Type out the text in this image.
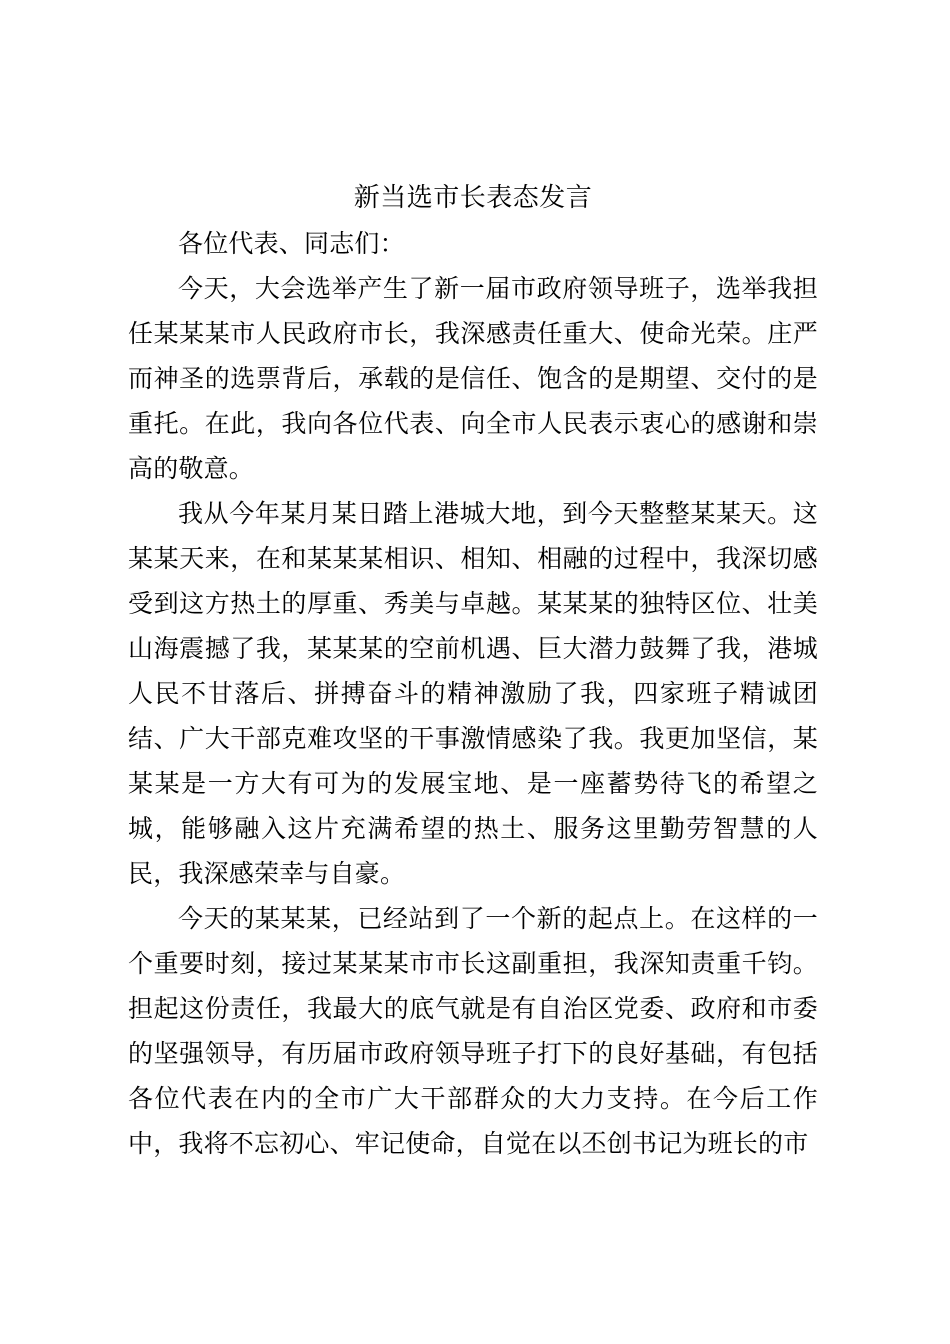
新当选市长表态发言

各位代表、同志们：

今天，大会选举产生了新一届市政府领导班子，选举我担任某某某市人民政府市长，我深感责任重大、使命光荣。庄严而神圣的选票背后，承载的是信任、饱含的是期望、交付的是重托。在此，我向各位代表、向全市人民表示衷心的感谢和崇高的敬意。

我从今年某月某日踏上港城大地，到今天整整某某天。这某某天来，在和某某某相识、相知、相融的过程中，我深切感受到这方热土的厚重、秀美与卓越。某某某的独特区位、壮美山海震撼了我，某某某的空前机遇、巨大潜力鼓舞了我，港城人民不甘落后、拼搏奋斗的精神激励了我，四家班子精诚团结、广大干部克难攻坚的干事激情感染了我。我更加坚信，某某某是一方大有可为的发展宝地、是一座蓄势待飞的希望之城，能够融入这片充满希望的热土、服务这里勤劳智慧的人民，我深感荣幸与自豪。

今天的某某某，已经站到了一个新的起点上。在这样的一个重要时刻，接过某某某市市长这副重担，我深知责重千钧。担起这份责任，我最大的底气就是有自治区党委、政府和市委的坚强领导，有历届市政府领导班子打下的良好基础，有包括各位代表在内的全市广大干部群众的大力支持。在今后工作中，我将不忘初心、牢记使命，自觉在以丕创书记为班长的市
